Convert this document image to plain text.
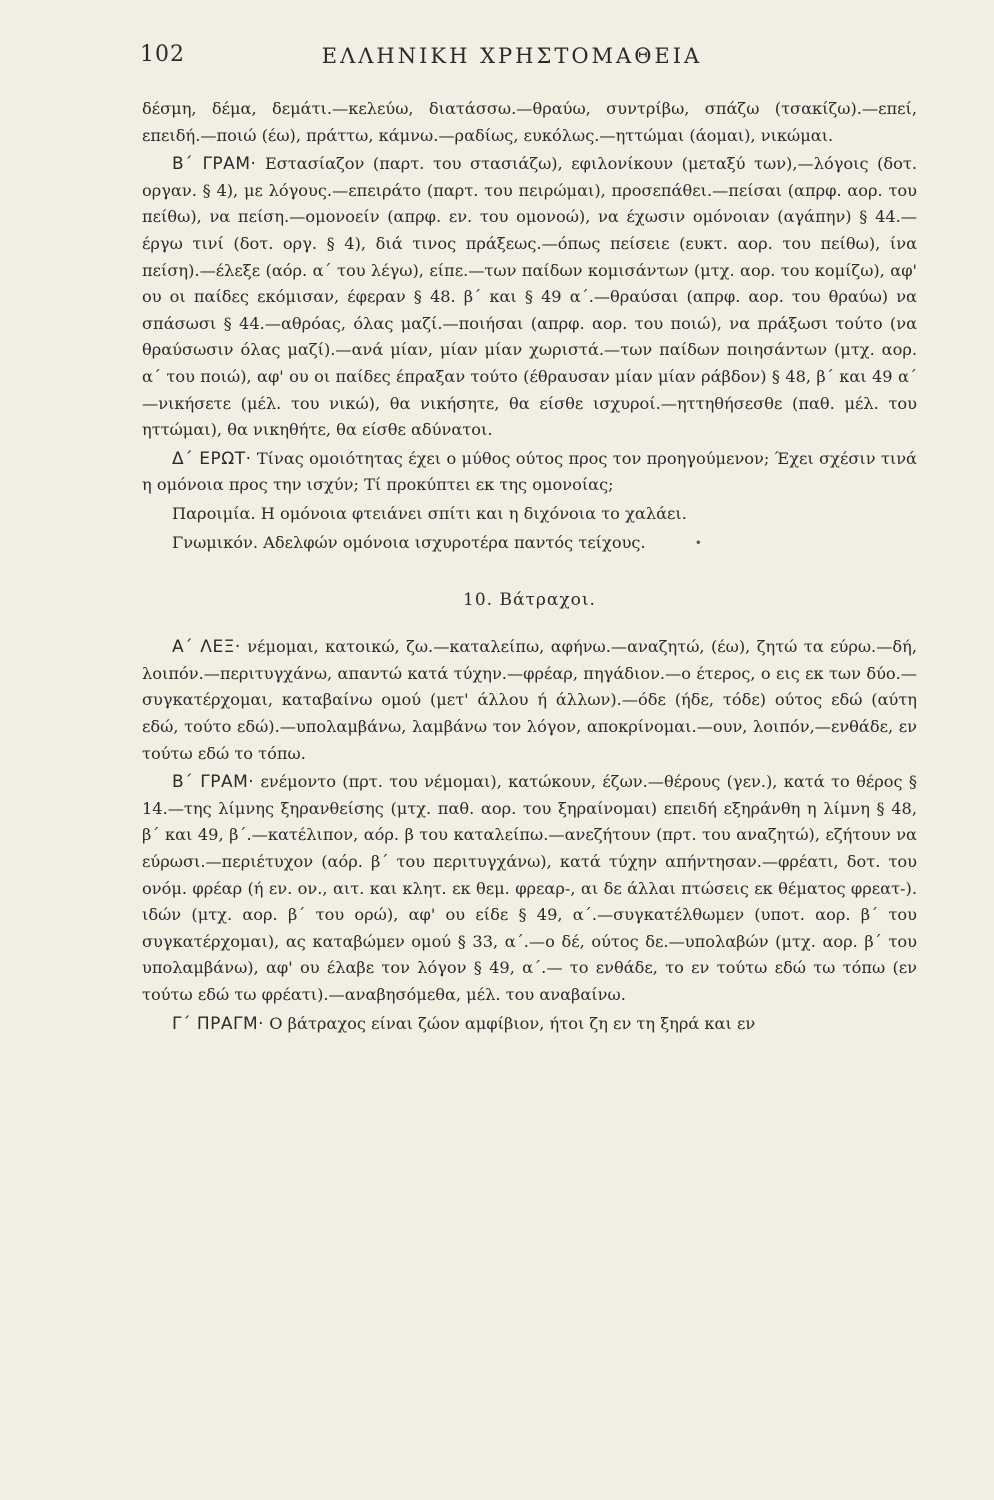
102	ΕΛΛΗΝΙΚΗ ΧΡΗΣΤΟΜΑΘΕΙΑ

δέσμη, δέμα, δεμάτι.—κελεύω, διατάσσω.—θραύω, συντρίβω, σπάζω (τσακίζω).—επεί, επειδή.—ποιώ (έω), πράττω, κάμνω.—ραδίως, ευκόλως.—ηττώμαι (άομαι), νικώμαι.

Β΄ ΓΡΑΜ· Εστασίαζον (παρτ. του στασιάζω), εφιλονίκουν (μεταξύ των),—λόγοις (δοτ. οργαν. § 4), με λόγους.—επειράτο (παρτ. του πειρώμαι), προσεπάθει.—πείσαι (απρφ. αορ. του πείθω), να πείση.—ομονοείν (απρφ. εν. του ομονοώ), να έχωσιν ομόνοιαν (αγάπην) § 44.—έργω τινί (δοτ. οργ. § 4), διά τινος πράξεως.—όπως πείσειε (ευκτ. αορ. του πείθω), ίνα πείση).—έλεξε (αόρ. α΄ του λέγω), είπε.—των παίδων κομισάντων (μτχ. αορ. του κομίζω), αφ' ου οι παίδες εκόμισαν, έφεραν § 48. β΄ και § 49 α΄.—θραύσαι (απρφ. αορ. του θραύω) να σπάσωσι § 44.—αθρόας, όλας μαζί.—ποιήσαι (απρφ. αορ. του ποιώ), να πράξωσι τούτο (να θραύσωσιν όλας μαζί).—ανά μίαν, μίαν μίαν χωριστά.—των παίδων ποιησάντων (μτχ. αορ. α΄ του ποιώ), αφ' ου οι παίδες έπραξαν τούτο (έθραυσαν μίαν μίαν ράβδον) § 48, β΄ και 49 α΄—νικήσετε (μέλ. του νικώ), θα νικήσητε, θα είσθε ισχυροί.—ηττηθήσεσθε (παθ. μέλ. του ηττώμαι), θα νικηθήτε, θα είσθε αδύνατοι.

Δ΄ ΕΡΩΤ· Τίνας ομοιότητας έχει ο μύθος ούτος προς τον προηγούμενον; Έχει σχέσιν τινά η ομόνοια προς την ισχύν; Τί προκύπτει εκ της ομονοίας;

Παροιμία. Η ομόνοια φτειάνει σπίτι και η διχόνοια το χαλάει.

Γνωμικόν. Αδελφών ομόνοια ισχυροτέρα παντός τείχους.	•

10. Βάτραχοι.

Α΄ ΛΕΞ· νέμομαι, κατοικώ, ζω.—καταλείπω, αφήνω.—αναζητώ, (έω), ζητώ τα εύρω.—δή, λοιπόν.—περιτυγχάνω, απαντώ κατά τύχην.—φρέαρ, πηγάδιον.—ο έτερος, ο εις εκ των δύο.—συγκατέρχομαι, καταβαίνω ομού (μετ' άλλου ή άλλων).—όδε (ήδε, τόδε) ούτος εδώ (αύτη εδώ, τούτο εδώ).—υπολαμβάνω, λαμβάνω τον λόγον, αποκρίνομαι.—ουν, λοιπόν,—ενθάδε, εν τούτω εδώ το τόπω.

Β΄ ΓΡΑΜ· ενέμοντο (πρτ. του νέμομαι), κατώκουν, έζων.—θέρους (γεν.), κατά το θέρος § 14.—της λίμνης ξηρανθείσης (μτχ. παθ. αορ. του ξηραίνομαι) επειδή εξηράνθη η λίμνη § 48, β΄ και 49, β΄.—κατέλιπον, αόρ. β του καταλείπω.—ανεζήτουν (πρτ. του αναζητώ), εζήτουν να εύρωσι.—περιέτυχον (αόρ. β΄ του περιτυγχάνω), κατά τύχην απήντησαν.—φρέατι, δοτ. του ονόμ. φρέαρ (ή εν. ον., αιτ. και κλητ. εκ θεμ. φρεαρ-, αι δε άλλαι πτώσεις εκ θέματος φρεατ-). ιδών (μτχ. αορ. β΄ του ορώ), αφ' ου είδε § 49, α΄.—συγκατέλθωμεν (υποτ. αορ. β΄ του συγκατέρχομαι), ας καταβώμεν ομού § 33, α΄.—ο δέ, ούτος δε.—υπολαβών (μτχ. αορ. β΄ του υπολαμβάνω), αφ' ου έλαβε τον λόγον § 49, α΄.— το ενθάδε, το εν τούτω εδώ τω τόπω (εν τούτω εδώ τω φρέατι).—αναβησόμεθα, μέλ. του αναβαίνω.

Γ΄ ΠΡΑΓΜ· Ο βάτραχος είναι ζώον αμφίβιον, ήτοι ζη εν τη ξηρά και εν
